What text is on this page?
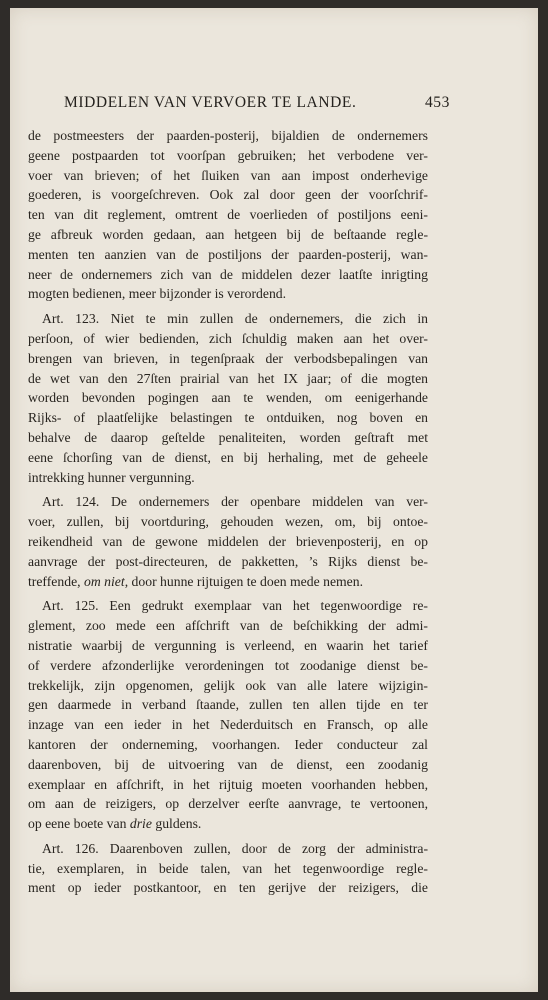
MIDDELEN VAN VERVOER TE LANDE.	453
de postmeesters der paarden-posterij, bijaldien de ondernemers
geene postpaarden tot voorſpan gebruiken; het verbodene ver-
voer van brieven; of het ſluiken van aan impost onderhevige
goederen, is voorgeſchreven. Ook zal door geen der voorſchrif-
ten van dit reglement, omtrent de voerlieden of postiljons eeni-
ge afbreuk worden gedaan, aan hetgeen bij de beſtaande regle-
menten ten aanzien van de postiljons der paarden-posterij, wan-
neer de ondernemers zich van de middelen dezer laatſte inrigting
mogten bedienen, meer bijzonder is verordend.
Art. 123. Niet te min zullen de ondernemers, die zich in
perſoon, of wier bedienden, zich ſchuldig maken aan het over-
brengen van brieven, in tegenſpraak der verbodsbepalingen van
de wet van den 27ſten prairial van het IX jaar; of die mogten
worden bevonden pogingen aan te wenden, om eenigerhande
Rijks- of plaatſelijke belastingen te ontduiken, nog boven en
behalve de daarop geſtelde penaliteiten, worden geſtraft met
eene ſchorſing van de dienst, en bij herhaling, met de geheele
intrekking hunner vergunning.
Art. 124. De ondernemers der openbare middelen van ver-
voer, zullen, bij voortduring, gehouden wezen, om, bij ontoe-
reikendheid van de gewone middelen der brievenposterij, en op
aanvrage der post-directeuren, de pakketten, ’s Rijks dienst be-
treffende, om niet, door hunne rijtuigen te doen mede nemen.
Art. 125. Een gedrukt exemplaar van het tegenwoordige re-
glement, zoo mede een afſchrift van de beſchikking der admi-
nistratie waarbij de vergunning is verleend, en waarin het tarief
of verdere afzonderlijke verordeningen tot zoodanige dienst be-
trekkelijk, zijn opgenomen, gelijk ook van alle latere wijzigin-
gen daarmede in verband ſtaande, zullen ten allen tijde en ter
inzage van een ieder in het Nederduitsch en Fransch, op alle
kantoren der onderneming, voorhangen. Ieder conducteur zal
daarenboven, bij de uitvoering van de dienst, een zoodanig
exemplaar en afſchrift, in het rijtuig moeten voorhanden hebben,
om aan de reizigers, op derzelver eerſte aanvrage, te vertoonen,
op eene boete van drie guldens.
Art. 126. Daarenboven zullen, door de zorg der administra-
tie, exemplaren, in beide talen, van het tegenwoordige regle-
ment op ieder postkantoor, en ten gerijve der reizigers, die
